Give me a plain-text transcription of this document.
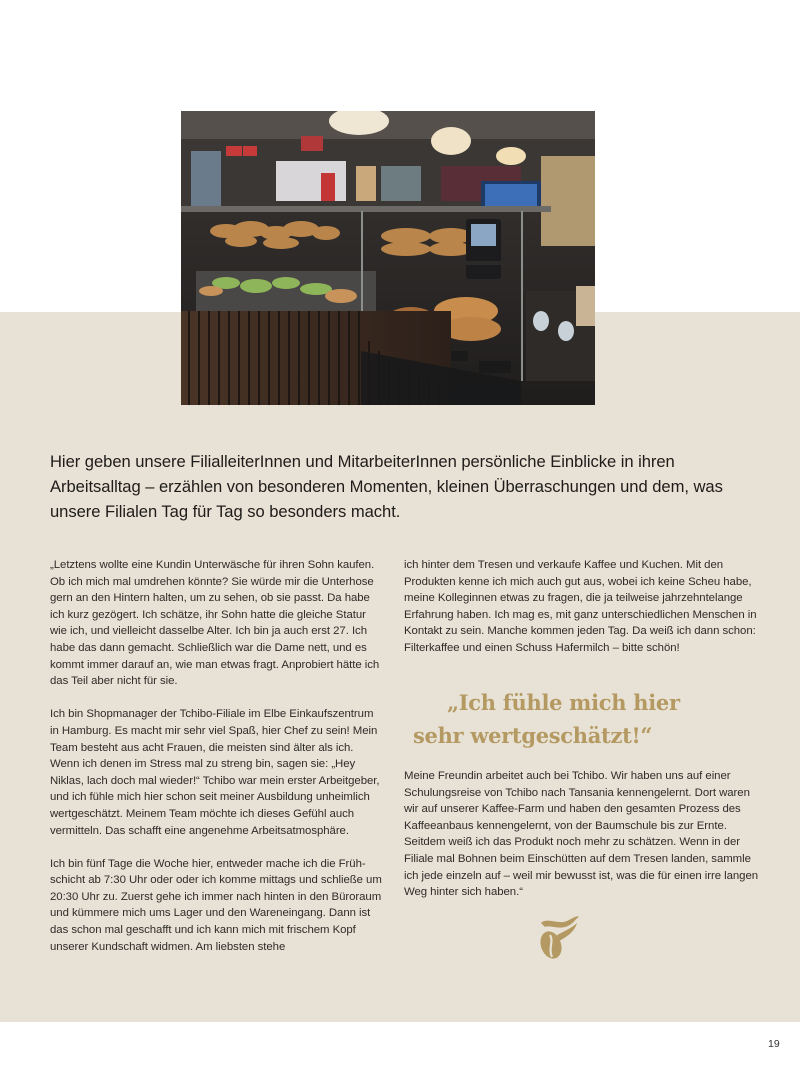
Hier geben unsere FilialleiterInnen und MitarbeiterInnen persönliche Einblicke in ihren Arbeitsalltag – erzählen von besonderen Momenten, kleinen Überraschungen und dem, was unsere Filialen Tag für Tag so besonders macht.

„Letztens wollte eine Kundin Unterwäsche für ihren Sohn kaufen. Ob ich mich mal umdrehen könnte? Sie würde mir die Unterhose gern an den Hintern halten, um zu sehen, ob sie passt. Da habe ich kurz gezögert. Ich schätze, ihr Sohn hatte die gleiche Statur wie ich, und vielleicht dasselbe Alter. Ich bin ja auch erst 27. Ich habe das dann gemacht. Schließlich war die Dame nett, und es kommt immer darauf an, wie man etwas fragt. Anprobiert hätte ich das Teil aber nicht für sie.

Ich bin Shopmanager der Tchibo-Filiale im Elbe Einkaufszentrum in Hamburg. Es macht mir sehr viel Spaß, hier Chef zu sein! Mein Team besteht aus acht Frauen, die meisten sind älter als ich. Wenn ich denen im Stress mal zu streng bin, sagen sie: „Hey Niklas, lach doch mal wieder!“ Tchibo war mein erster Arbeitgeber, und ich fühle mich hier schon seit meiner Ausbildung unheimlich wertgeschätzt. Meinem Team möchte ich dieses Gefühl auch vermitteln. Das schafft eine angenehme Arbeitsatmosphäre.

Ich bin fünf Tage die Woche hier, entweder mache ich die Frühschicht ab 7:30 Uhr oder oder ich komme mittags und schließe um 20:30 Uhr zu. Zuerst gehe ich immer nach hinten in den Büroraum und kümmere mich ums Lager und den Wareneingang. Dann ist das schon mal geschafft und ich kann mich mit frischem Kopf unserer Kundschaft widmen. Am liebsten stehe

ich hinter dem Tresen und verkaufe Kaffee und Kuchen. Mit den Produkten kenne ich mich auch gut aus, wobei ich keine Scheu habe, meine Kolleginnen etwas zu fragen, die ja teilweise jahrzehntelange Erfahrung haben. Ich mag es, mit ganz unterschiedlichen Menschen in Kontakt zu sein. Manche kommen jeden Tag. Da weiß ich dann schon: Filterkaffee und einen Schuss Hafermilch – bitte schön!

„Ich fühle mich hier
sehr wertgeschätzt!“

Meine Freundin arbeitet auch bei Tchibo. Wir haben uns auf einer Schulungsreise von Tchibo nach Tansania kennengelernt. Dort waren wir auf unserer Kaffee-Farm und haben den gesamten Prozess des Kaffeeanbaus kennengelernt, von der Baumschule bis zur Ernte. Seitdem weiß ich das Produkt noch mehr zu schätzen. Wenn in der Filiale mal Bohnen beim Einschütten auf dem Tresen landen, sammle ich jede einzeln auf – weil mir bewusst ist, was die für einen irre langen Weg hinter sich haben.“

19
